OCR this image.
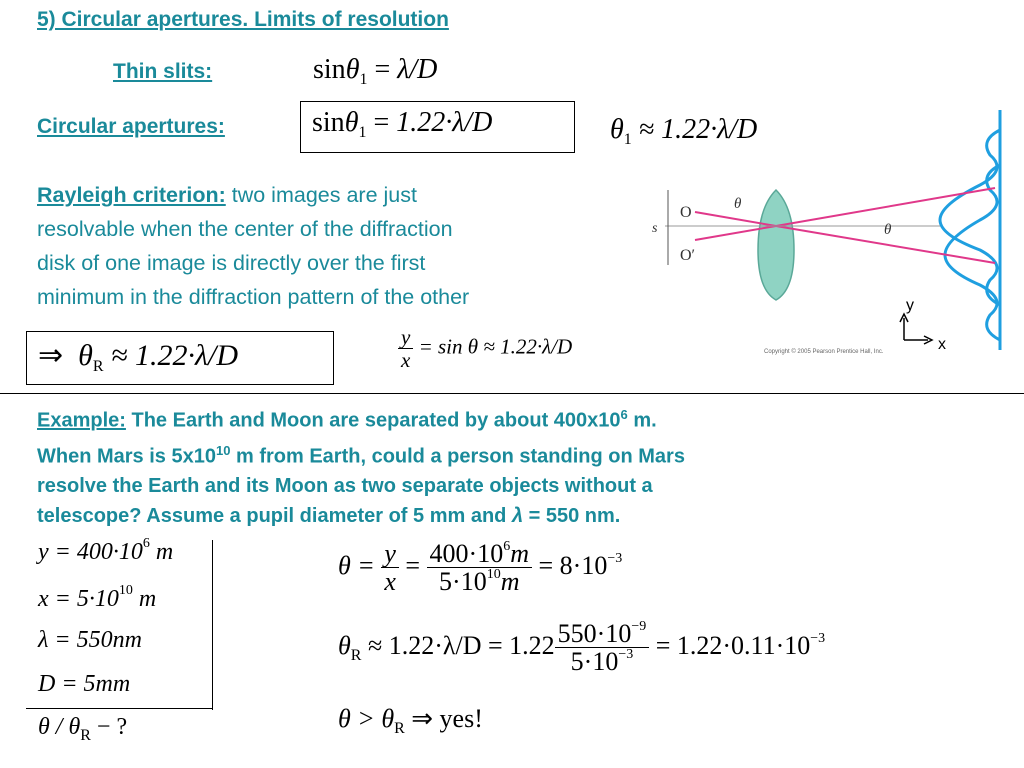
5) Circular apertures. Limits of resolution
Thin slits:	sinθ$_1$ = λ/D
Circular apertures:	sinθ$_1$ = 1.22·λ/D	$\theta_1 \approx 1.22\cdot\lambda/D$
Rayleigh criterion: two images are just
resolvable when the center of the diffraction
disk of one image is directly over the first
minimum in the diffraction pattern of the other
⇒ $\theta_R \approx 1.22\cdot\lambda/D$	$\frac{y}{x} = \sin \theta \approx 1.22\cdot\lambda/D$
s
O
O′
θ
θ
y
x
Copyright © 2005 Pearson Prentice Hall, Inc.
Example: The Earth and Moon are separated by about $400x10^6$ m.
When Mars is $5x10^{10}$ m from Earth, could a person standing on Mars
resolve the Earth and its Moon as two separate objects without a
telescope? Assume a pupil diameter of 5 mm and λ = 550 nm.
$y = 400\cdot 10^6$ m
$x = 5\cdot 10^{10}$ m
λ = 550nm
D = 5mm
θ / $\theta_R$ − ?
$\theta = \frac{y}{x} = \frac{400\cdot 10^6m}{5\cdot 10^{10}m} = 8\cdot 10^{-3}$
$\theta_R \approx 1.22\cdot\lambda/D = 1.22 \frac{550\cdot 10^{-9}}{5\cdot 10^{-3}} = 1.22\cdot 0.11\cdot 10^{-3}$
$\theta > \theta_R$ ⇒ yes!
